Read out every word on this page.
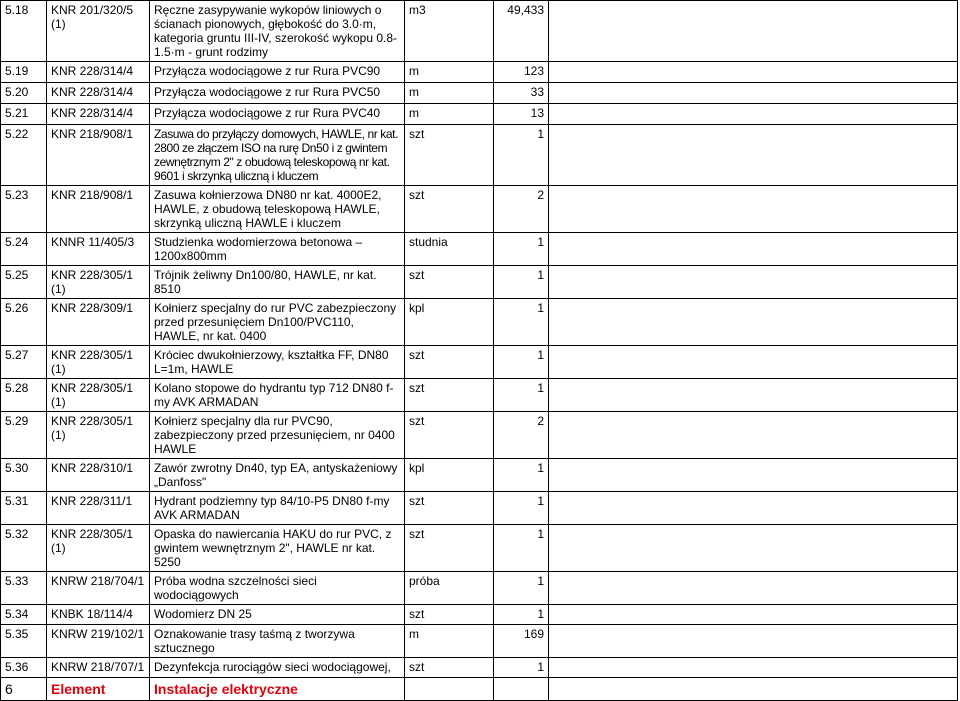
5.18	KNR 201/320/5 (1)	Ręczne zasypywanie wykopów liniowych o ścianach pionowych, głębokość do 3.0·m, kategoria gruntu III-IV, szerokość wykopu 0.8-1.5·m - grunt rodzimy	m3	49,433	
5.19	KNR 228/314/4	Przyłącza wodociągowe z rur Rura PVC90	m	123	
5.20	KNR 228/314/4	Przyłącza wodociągowe z rur Rura PVC50	m	33	
5.21	KNR 228/314/4	Przyłącza wodociągowe z rur Rura PVC40	m	13	
5.22	KNR 218/908/1	Zasuwa do przyłączy domowych, HAWLE, nr kat. 2800 ze złączem ISO na rurę Dn50 i z gwintem zewnętrznym 2" z obudową teleskopową nr kat. 9601 i skrzynką uliczną i kluczem	szt	1	
5.23	KNR 218/908/1	Zasuwa kołnierzowa DN80 nr kat. 4000E2, HAWLE, z obudową teleskopową HAWLE, skrzynką uliczną HAWLE i kluczem	szt	2	
5.24	KNNR 11/405/3	Studzienka wodomierzowa betonowa – 1200x800mm	studnia	1	
5.25	KNR 228/305/1 (1)	Trójnik żeliwny Dn100/80, HAWLE, nr kat. 8510	szt	1	
5.26	KNR 228/309/1	Kołnierz specjalny do rur PVC zabezpieczony przed przesunięciem Dn100/PVC110, HAWLE, nr kat. 0400	kpl	1	
5.27	KNR 228/305/1 (1)	Króciec dwukołnierzowy, kształtka FF, DN80 L=1m, HAWLE	szt	1	
5.28	KNR 228/305/1 (1)	Kolano stopowe do hydrantu typ 712 DN80 f-my AVK ARMADAN	szt	1	
5.29	KNR 228/305/1 (1)	Kołnierz specjalny dla rur PVC90, zabezpieczony przed przesunięciem, nr 0400 HAWLE	szt	2	
5.30	KNR 228/310/1	Zawór zwrotny Dn40, typ EA, antyskażeniowy „Danfoss"	kpl	1	
5.31	KNR 228/311/1	Hydrant podziemny typ 84/10-P5 DN80 f-my AVK ARMADAN	szt	1	
5.32	KNR 228/305/1 (1)	Opaska do nawiercania HAKU do rur PVC, z gwintem wewnętrznym 2", HAWLE nr kat. 5250	szt	1	
5.33	KNRW 218/704/1	Próba wodna szczelności sieci wodociągowych	próba	1	
5.34	KNBK 18/114/4	Wodomierz DN 25	szt	1	
5.35	KNRW 219/102/1	Oznakowanie trasy taśmą z tworzywa sztucznego	m	169	
5.36	KNRW 218/707/1	Dezynfekcja rurociągów sieci wodociągowej,	szt	1	
6	Element	Instalacje elektryczne			
